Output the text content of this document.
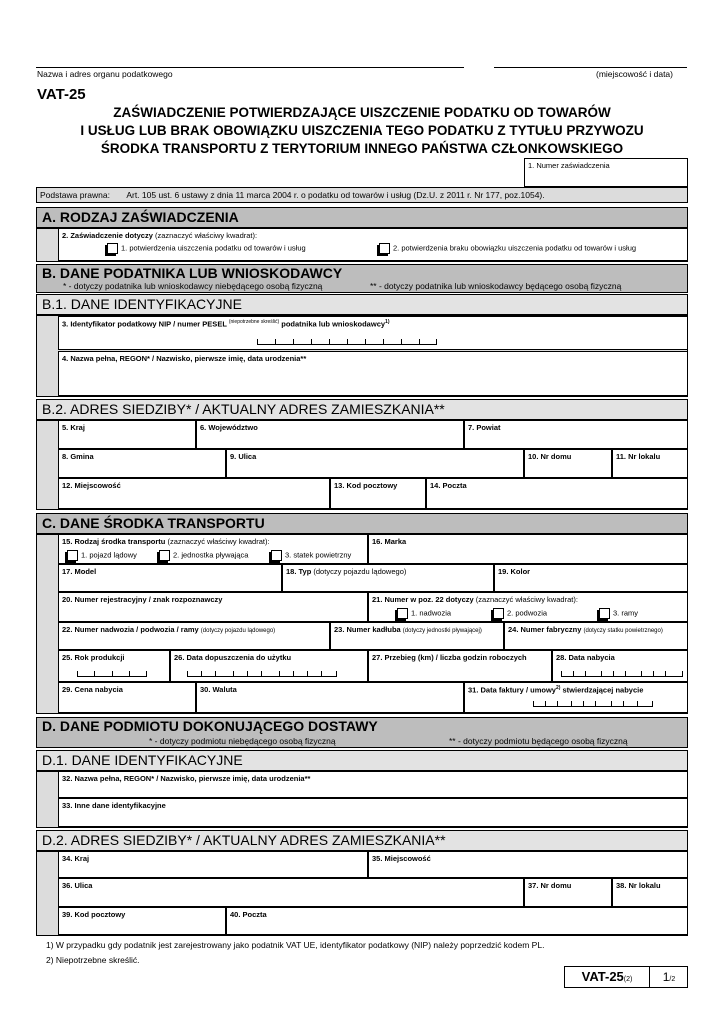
Nazwa i adres organu podatkowego	(miejscowość i data)
VAT-25
ZAŚWIADCZENIE POTWIERDZAJĄCE UISZCZENIE PODATKU OD TOWARÓW
I USŁUG LUB BRAK OBOWIĄZKU UISZCZENIA TEGO PODATKU Z TYTUŁU PRZYWOZU
ŚRODKA TRANSPORTU Z TERYTORIUM INNEGO PAŃSTWA CZŁONKOWSKIEGO
1. Numer zaświadczenia
Podstawa prawna: Art. 105 ust. 6 ustawy z dnia 11 marca 2004 r. o podatku od towarów i usług (Dz.U. z 2011 r. Nr 177, poz.1054).
A. RODZAJ ZAŚWIADCZENIA
2. Zaświadczenie dotyczy (zaznaczyć właściwy kwadrat):
1. potwierdzenia uiszczenia podatku od towarów i usług	2. potwierdzenia braku obowiązku uiszczenia podatku od towarów i usług
B. DANE PODATNIKA LUB WNIOSKODAWCY
* - dotyczy podatnika lub wnioskodawcy niebędącego osobą fizyczną	** - dotyczy podatnika lub wnioskodawcy będącego osobą fizyczną
B.1. DANE IDENTYFIKACYJNE
3. Identyfikator podatkowy NIP / numer PESEL $^{(niepotrzebne skreślić)}$ podatnika lub wnioskodawcy$^{1)}$
4. Nazwa pełna, REGON* / Nazwisko, pierwsze imię, data urodzenia**
B.2. ADRES SIEDZIBY* / AKTUALNY ADRES ZAMIESZKANIA**
5. Kraj	6. Województwo	7. Powiat
8. Gmina	9. Ulica	10. Nr domu	11. Nr lokalu
12. Miejscowość	13. Kod pocztowy	14. Poczta
C. DANE ŚRODKA TRANSPORTU
15. Rodzaj środka transportu (zaznaczyć właściwy kwadrat):
1. pojazd lądowy	2. jednostka pływająca	3. statek powietrzny
16. Marka
17. Model	18. Typ (dotyczy pojazdu lądowego)	19. Kolor
20. Numer rejestracyjny / znak rozpoznawczy	21. Numer w poz. 22 dotyczy (zaznaczyć właściwy kwadrat):
1. nadwozia	2. podwozia	3. ramy
22. Numer nadwozia / podwozia / ramy (dotyczy pojazdu lądowego)	23. Numer kadłuba (dotyczy jednostki pływającej)	24. Numer fabryczny (dotyczy statku powietrznego)
25. Rok produkcji	26. Data dopuszczenia do użytku	27. Przebieg (km) / liczba godzin roboczych	28. Data nabycia
29. Cena nabycia	30. Waluta	31. Data faktury / umowy$^{2)}$ stwierdzającej nabycie
D. DANE PODMIOTU DOKONUJĄCEGO DOSTAWY
* - dotyczy podmiotu niebędącego osobą fizyczną	** - dotyczy podmiotu będącego osobą fizyczną
D.1. DANE IDENTYFIKACYJNE
32. Nazwa pełna, REGON* / Nazwisko, pierwsze imię, data urodzenia**
33. Inne dane identyfikacyjne
D.2. ADRES SIEDZIBY* / AKTUALNY ADRES ZAMIESZKANIA**
34. Kraj	35. Miejscowość
36. Ulica	37. Nr domu	38. Nr lokalu
39. Kod pocztowy	40. Poczta
1) W przypadku gdy podatnik jest zarejestrowany jako podatnik VAT UE, identyfikator podatkowy (NIP) należy poprzedzić kodem PL.
2) Niepotrzebne skreślić.
VAT-25(2)	1/2
